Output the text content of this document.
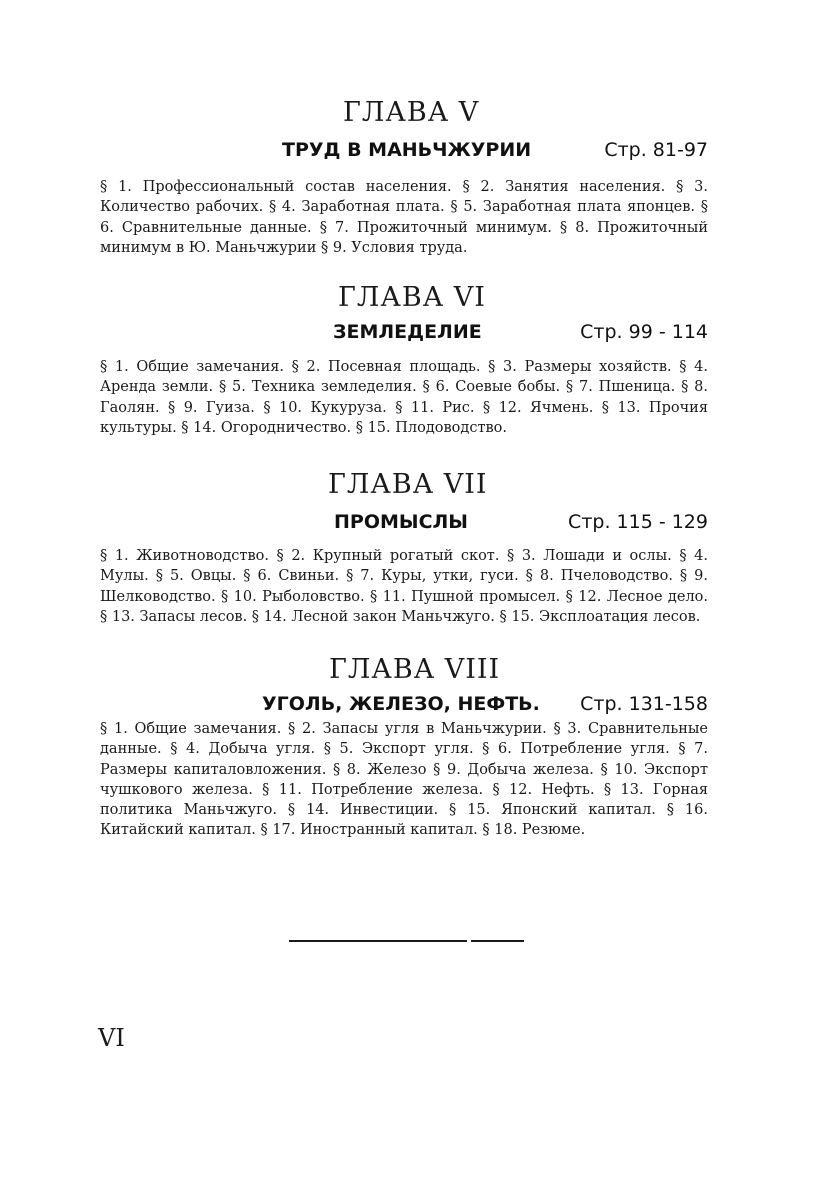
ГЛАВА V
ТРУД В МАНЬЧЖУРИИ	Стр. 81-97

§ 1. Профессиональный состав населения. § 2. Занятия населения. § 3. Количество рабочих. § 4. Заработная плата. § 5. Заработная плата японцев. § 6. Сравнительные данные. § 7. Прожиточный минимум. § 8. Прожиточный минимум в Ю. Маньчжурии § 9. Условия труда.

ГЛАВА VI
ЗЕМЛЕДЕЛИЕ	Стр. 99 - 114

§ 1. Общие замечания. § 2. Посевная площадь. § 3. Размеры хозяйств. § 4. Аренда земли. § 5. Техника земледелия. § 6. Соевые бобы. § 7. Пшеница. § 8. Гаолян. § 9. Гуиза. § 10. Кукуруза. § 11. Рис. § 12. Ячмень. § 13. Прочия культуры. § 14. Огородничество. § 15. Плодоводство.

ГЛАВА VII
ПРОМЫСЛЫ	Стр. 115 - 129

§ 1. Животноводство. § 2. Крупный рогатый скот. § 3. Лошади и ослы. § 4. Мулы. § 5. Овцы. § 6. Свиньи. § 7. Куры, утки, гуси. § 8. Пчеловодство. § 9. Шелководство. § 10. Рыболовство. § 11. Пушной промысел. § 12. Лесное дело. § 13. Запасы лесов. § 14. Лесной закон Маньчжуго. § 15. Эксплоатация лесов.

ГЛАВА VIII
УГОЛЬ, ЖЕЛЕЗО, НЕФТЬ. Стр. 131-158

§ 1. Общие замечания. § 2. Запасы угля в Маньчжурии. § 3. Сравнительные данные. § 4. Добыча угля. § 5. Экспорт угля. § 6. Потребление угля. § 7. Размеры капиталовложения. § 8. Железо § 9. Добыча железа. § 10. Экспорт чушкового железа. § 11. Потребление железа. § 12. Нефть. § 13. Горная политика Маньчжуго. § 14. Инвестиции. § 15. Японский капитал. § 16. Китайский капитал. § 17. Иностранный капитал. § 18. Резюме.

VI
